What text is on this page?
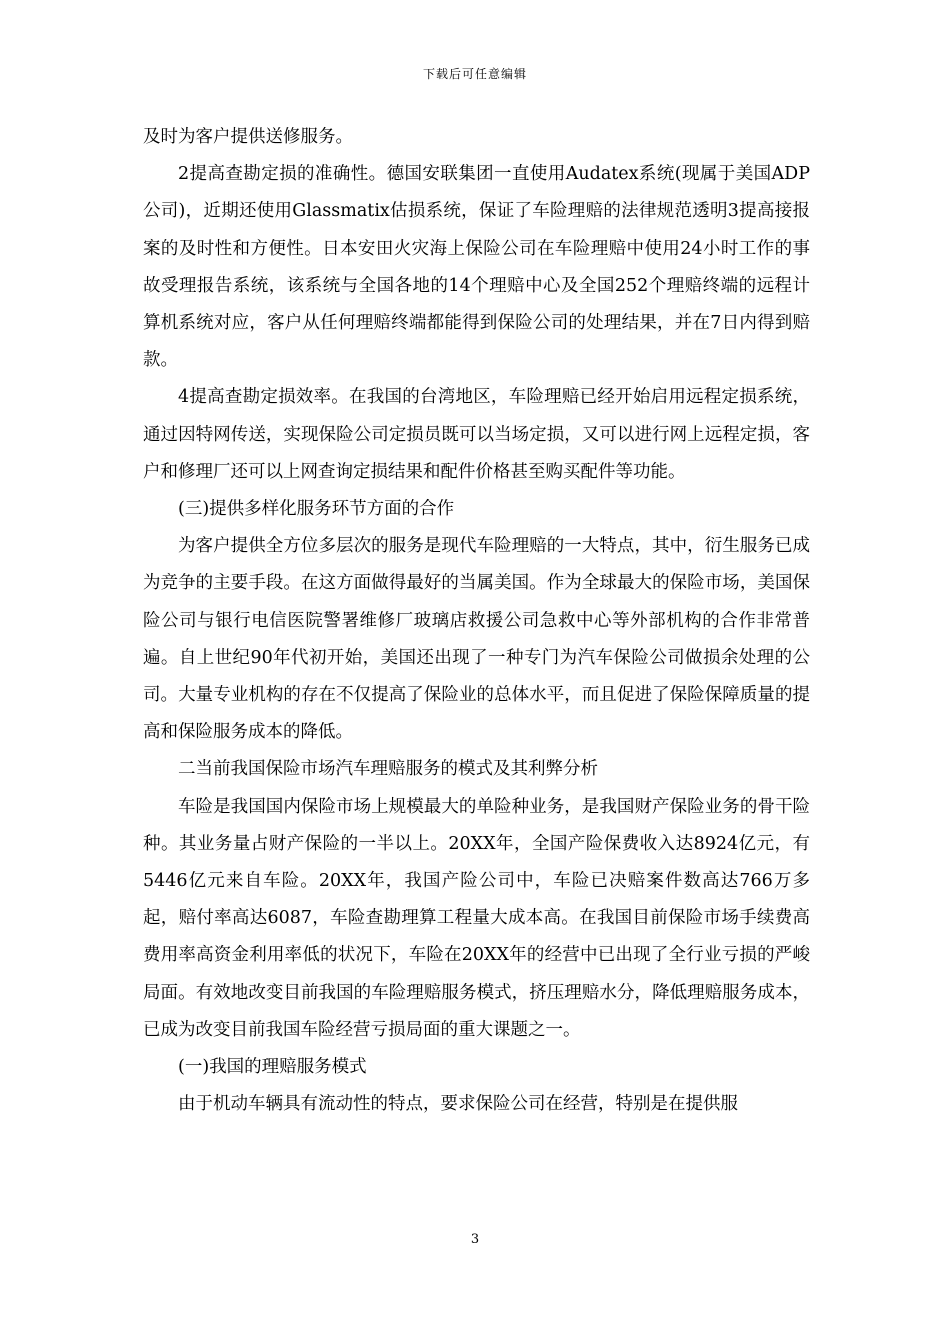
下载后可任意编辑

及时为客户提供送修服务。

2提高查勘定损的准确性。德国安联集团一直使用Audatex系统(现属于美国ADP公司)，近期还使用Glassmatix估损系统，保证了车险理赔的法律规范透明3提高接报案的及时性和方便性。日本安田火灾海上保险公司在车险理赔中使用24小时工作的事故受理报告系统，该系统与全国各地的14个理赔中心及全国252个理赔终端的远程计算机系统对应，客户从任何理赔终端都能得到保险公司的处理结果，并在7日内得到赔款。

4提高查勘定损效率。在我国的台湾地区，车险理赔已经开始启用远程定损系统，通过因特网传送，实现保险公司定损员既可以当场定损，又可以进行网上远程定损，客户和修理厂还可以上网查询定损结果和配件价格甚至购买配件等功能。

(三)提供多样化服务环节方面的合作

为客户提供全方位多层次的服务是现代车险理赔的一大特点，其中，衍生服务已成为竞争的主要手段。在这方面做得最好的当属美国。作为全球最大的保险市场，美国保险公司与银行电信医院警署维修厂玻璃店救援公司急救中心等外部机构的合作非常普遍。自上世纪90年代初开始，美国还出现了一种专门为汽车保险公司做损余处理的公司。大量专业机构的存在不仅提高了保险业的总体水平，而且促进了保险保障质量的提高和保险服务成本的降低。

二当前我国保险市场汽车理赔服务的模式及其利弊分析

车险是我国国内保险市场上规模最大的单险种业务，是我国财产保险业务的骨干险种。其业务量占财产保险的一半以上。20XX年，全国产险保费收入达8924亿元，有5446亿元来自车险。20XX年，我国产险公司中，车险已决赔案件数高达766万多起，赔付率高达6087，车险查勘理算工程量大成本高。在我国目前保险市场手续费高费用率高资金利用率低的状况下，车险在20XX年的经营中已出现了全行业亏损的严峻局面。有效地改变目前我国的车险理赔服务模式，挤压理赔水分，降低理赔服务成本，已成为改变目前我国车险经营亏损局面的重大课题之一。

(一)我国的理赔服务模式

由于机动车辆具有流动性的特点，要求保险公司在经营，特别是在提供服

3
